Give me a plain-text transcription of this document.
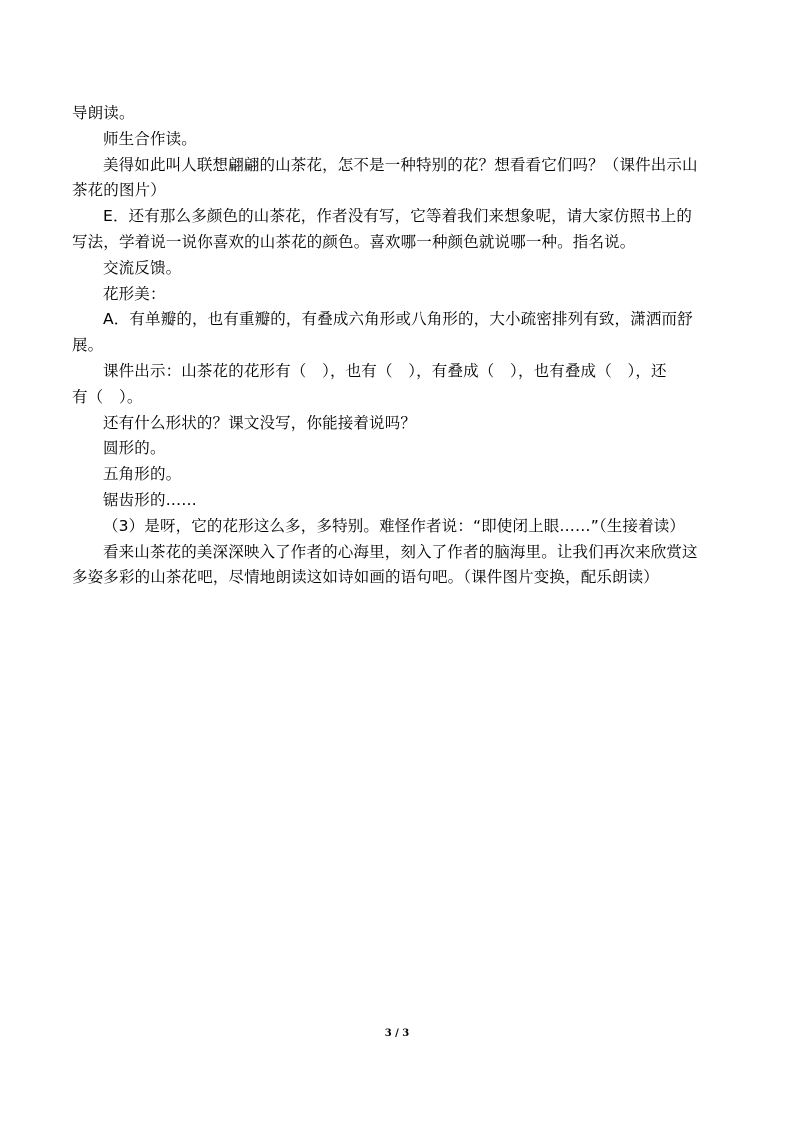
导朗读。
师生合作读。
美得如此叫人联想翩翩的山茶花，怎不是一种特别的花？想看看它们吗？（课件出示山
茶花的图片）
E．还有那么多颜色的山茶花，作者没有写，它等着我们来想象呢，请大家仿照书上的
写法，学着说一说你喜欢的山茶花的颜色。喜欢哪一种颜色就说哪一种。指名说。
交流反馈。
花形美：
A．有单瓣的，也有重瓣的，有叠成六角形或八角形的，大小疏密排列有致，潇洒而舒
展。
课件出示：山茶花的花形有（　），也有（　），有叠成（　），也有叠成（　），还
有（　）。
还有什么形状的？课文没写，你能接着说吗？
圆形的。
五角形的。
锯齿形的……
（3）是呀，它的花形这么多，多特别。难怪作者说：“即使闭上眼……”（生接着读）
看来山茶花的美深深映入了作者的心海里，刻入了作者的脑海里。让我们再次来欣赏这
多姿多彩的山茶花吧，尽情地朗读这如诗如画的语句吧。（课件图片变换，配乐朗读）
3 / 3
